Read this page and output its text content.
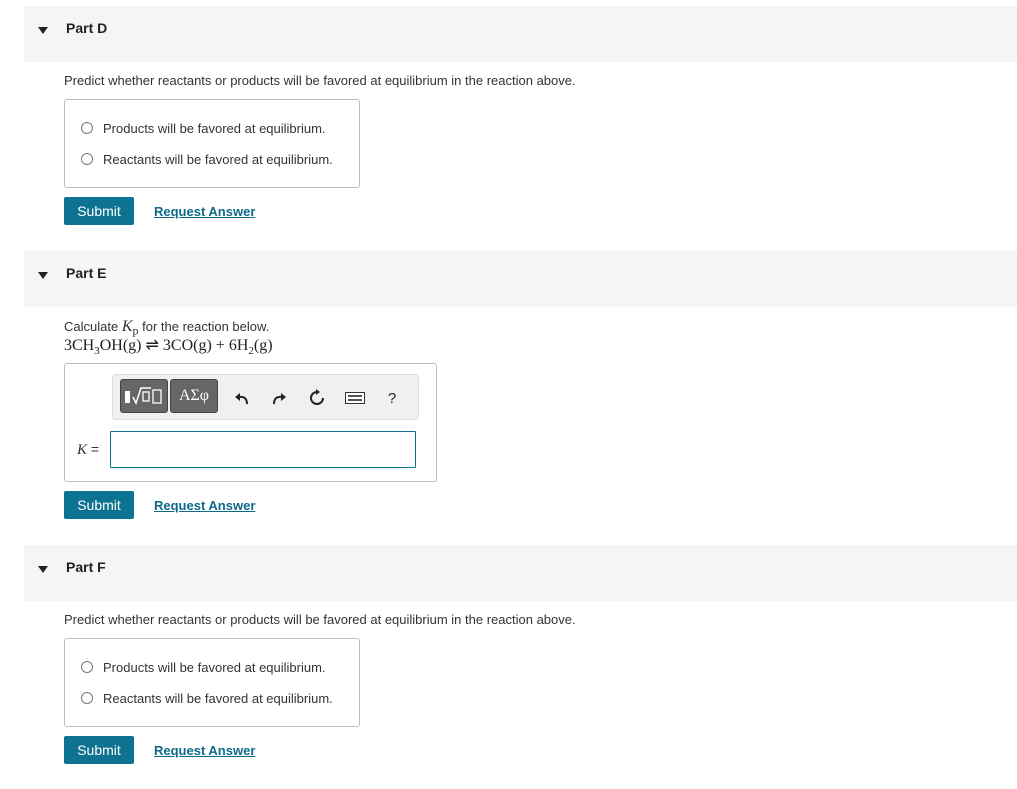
Part D
Predict whether reactants or products will be favored at equilibrium in the reaction above.
Products will be favored at equilibrium.
Reactants will be favored at equilibrium.
Submit	Request Answer
Part E
Calculate $K_p$ for the reaction below.
$3CH_3OH(g)$ ⇌ $3CO(g) + 6H_2(g)$
ΑΣφ	?
K =
Submit	Request Answer
Part F
Predict whether reactants or products will be favored at equilibrium in the reaction above.
Products will be favored at equilibrium.
Reactants will be favored at equilibrium.
Submit	Request Answer
